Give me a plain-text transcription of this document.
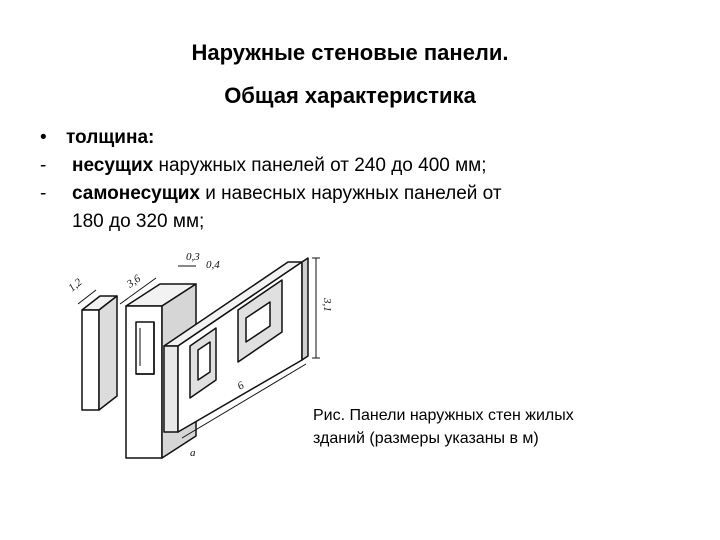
Наружные стеновые панели.
Общая характеристика
• толщина:
- несущих наружных панелей от 240 до 400 мм;
- самонесущих и навесных наружных панелей от
180 до 320 мм;
1,2	3,6
0,3
0,4
3,1
6
а
Рис. Панели наружных стен жилых
зданий (размеры указаны в м)
